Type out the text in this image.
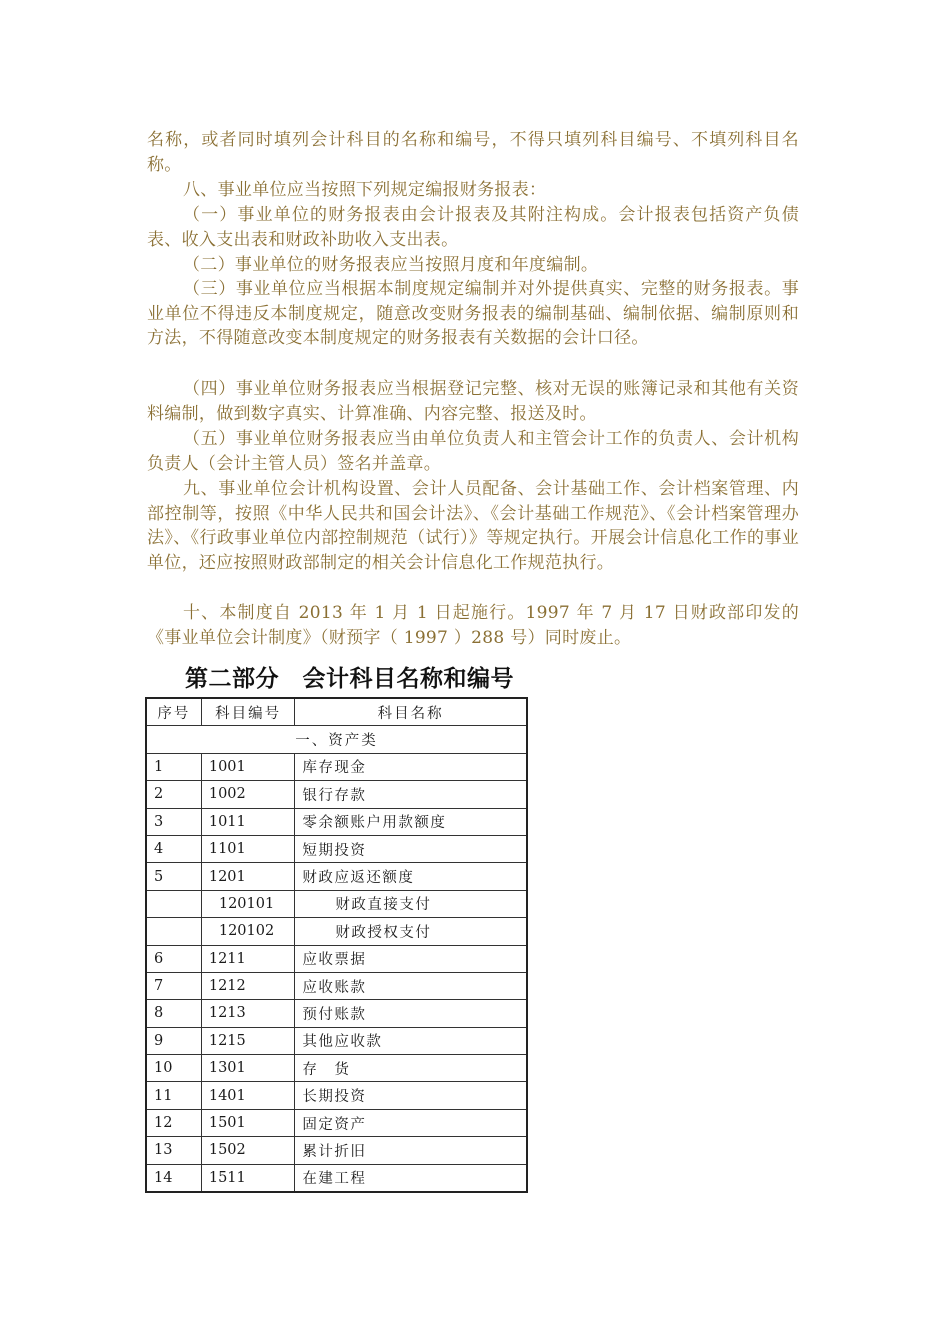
名称，或者同时填列会计科目的名称和编号，不得只填列科目编号、不填列科目名称。

八、事业单位应当按照下列规定编报财务报表：

（一）事业单位的财务报表由会计报表及其附注构成。会计报表包括资产负债表、收入支出表和财政补助收入支出表。

（二）事业单位的财务报表应当按照月度和年度编制。

（三）事业单位应当根据本制度规定编制并对外提供真实、完整的财务报表。事业单位不得违反本制度规定，随意改变财务报表的编制基础、编制依据、编制原则和方法，不得随意改变本制度规定的财务报表有关数据的会计口径。

（四）事业单位财务报表应当根据登记完整、核对无误的账簿记录和其他有关资料编制，做到数字真实、计算准确、内容完整、报送及时。

（五）事业单位财务报表应当由单位负责人和主管会计工作的负责人、会计机构负责人（会计主管人员）签名并盖章。

九、事业单位会计机构设置、会计人员配备、会计基础工作、会计档案管理、内部控制等，按照《中华人民共和国会计法》、《会计基础工作规范》、《会计档案管理办法》、《行政事业单位内部控制规范（试行）》等规定执行。开展会计信息化工作的事业单位，还应按照财政部制定的相关会计信息化工作规范执行。

十、本制度自 2013 年 1 月 1 日起施行。1997 年 7 月 17 日财政部印发的《事业单位会计制度》（财预字（ 1997 ）288 号）同时废止。

第二部分　会计科目名称和编号
序号	科目编号	科目名称
一、资产类		
1	1001	库存现金
2	1002	银行存款
3	1011	零余额账户用款额度
4	1101	短期投资
5	1201	财政应返还额度
	120101	财政直接支付
	120102	财政授权支付
6	1211	应收票据
7	1212	应收账款
8	1213	预付账款
9	1215	其他应收款
10	1301	存　货
11	1401	长期投资
12	1501	固定资产
13	1502	累计折旧
14	1511	在建工程
